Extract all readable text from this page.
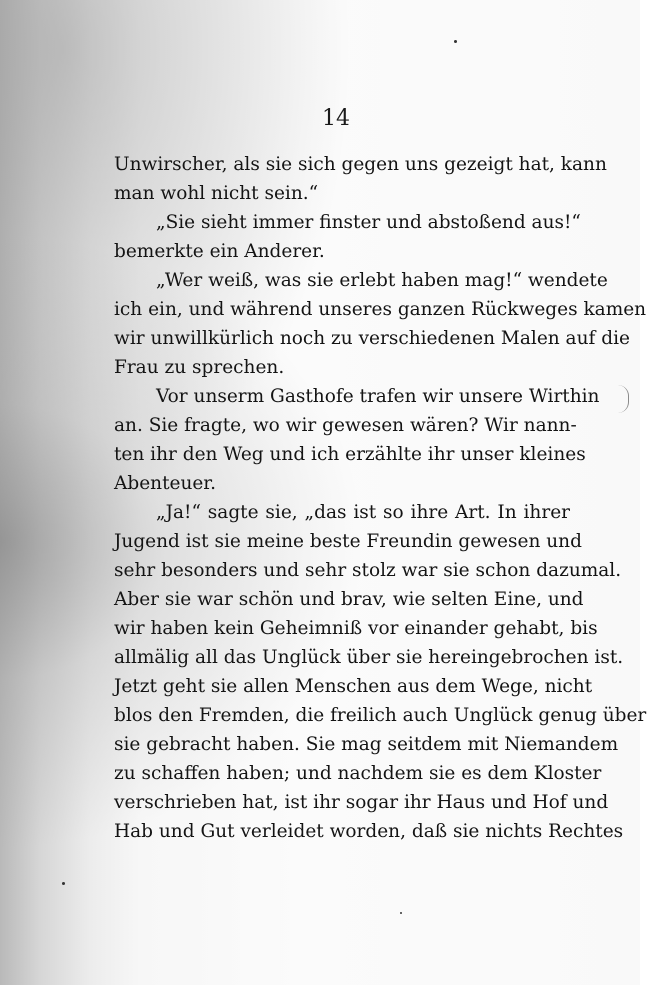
14
Unwirscher, als sie sich gegen uns gezeigt hat, kann
man wohl nicht sein.“
„Sie sieht immer finster und abstoßend aus!“
bemerkte ein Anderer.
„Wer weiß, was sie erlebt haben mag!“ wendete
ich ein, und während unseres ganzen Rückweges kamen
wir unwillkürlich noch zu verschiedenen Malen auf die
Frau zu sprechen.
Vor unserm Gasthofe trafen wir unsere Wirthin
an. Sie fragte, wo wir gewesen wären? Wir nann-
ten ihr den Weg und ich erzählte ihr unser kleines
Abenteuer.
„Ja!“ sagte sie, „das ist so ihre Art. In ihrer
Jugend ist sie meine beste Freundin gewesen und
sehr besonders und sehr stolz war sie schon dazumal.
Aber sie war schön und brav, wie selten Eine, und
wir haben kein Geheimniß vor einander gehabt, bis
allmälig all das Unglück über sie hereingebrochen ist.
Jetzt geht sie allen Menschen aus dem Wege, nicht
blos den Fremden, die freilich auch Unglück genug über
sie gebracht haben. Sie mag seitdem mit Niemandem
zu schaffen haben; und nachdem sie es dem Kloster
verschrieben hat, ist ihr sogar ihr Haus und Hof und
Hab und Gut verleidet worden, daß sie nichts Rechtes
